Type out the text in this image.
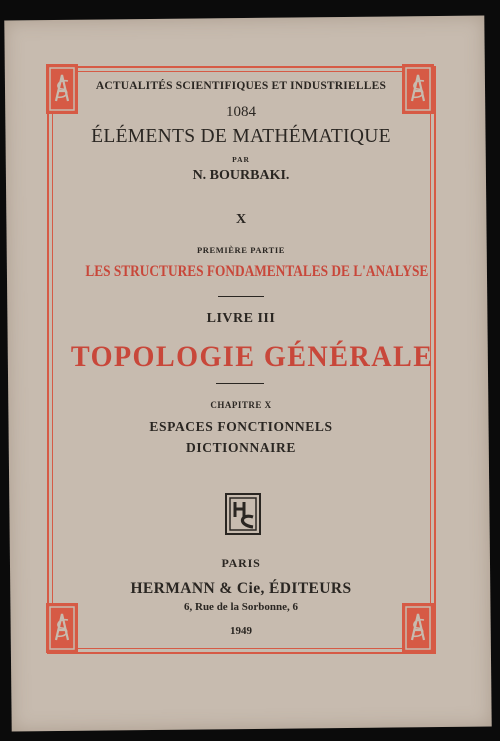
ACTUALITÉS SCIENTIFIQUES ET INDUSTRIELLES
1084
ÉLÉMENTS DE MATHÉMATIQUE
PAR
N. BOURBAKI.
X
PREMIÈRE PARTIE
LES STRUCTURES FONDAMENTALES DE L'ANALYSE
LIVRE III
TOPOLOGIE GÉNÉRALE
CHAPITRE X
ESPACES FONCTIONNELS
DICTIONNAIRE
PARIS
HERMANN & Cie, ÉDITEURS
6, Rue de la Sorbonne, 6
1949
